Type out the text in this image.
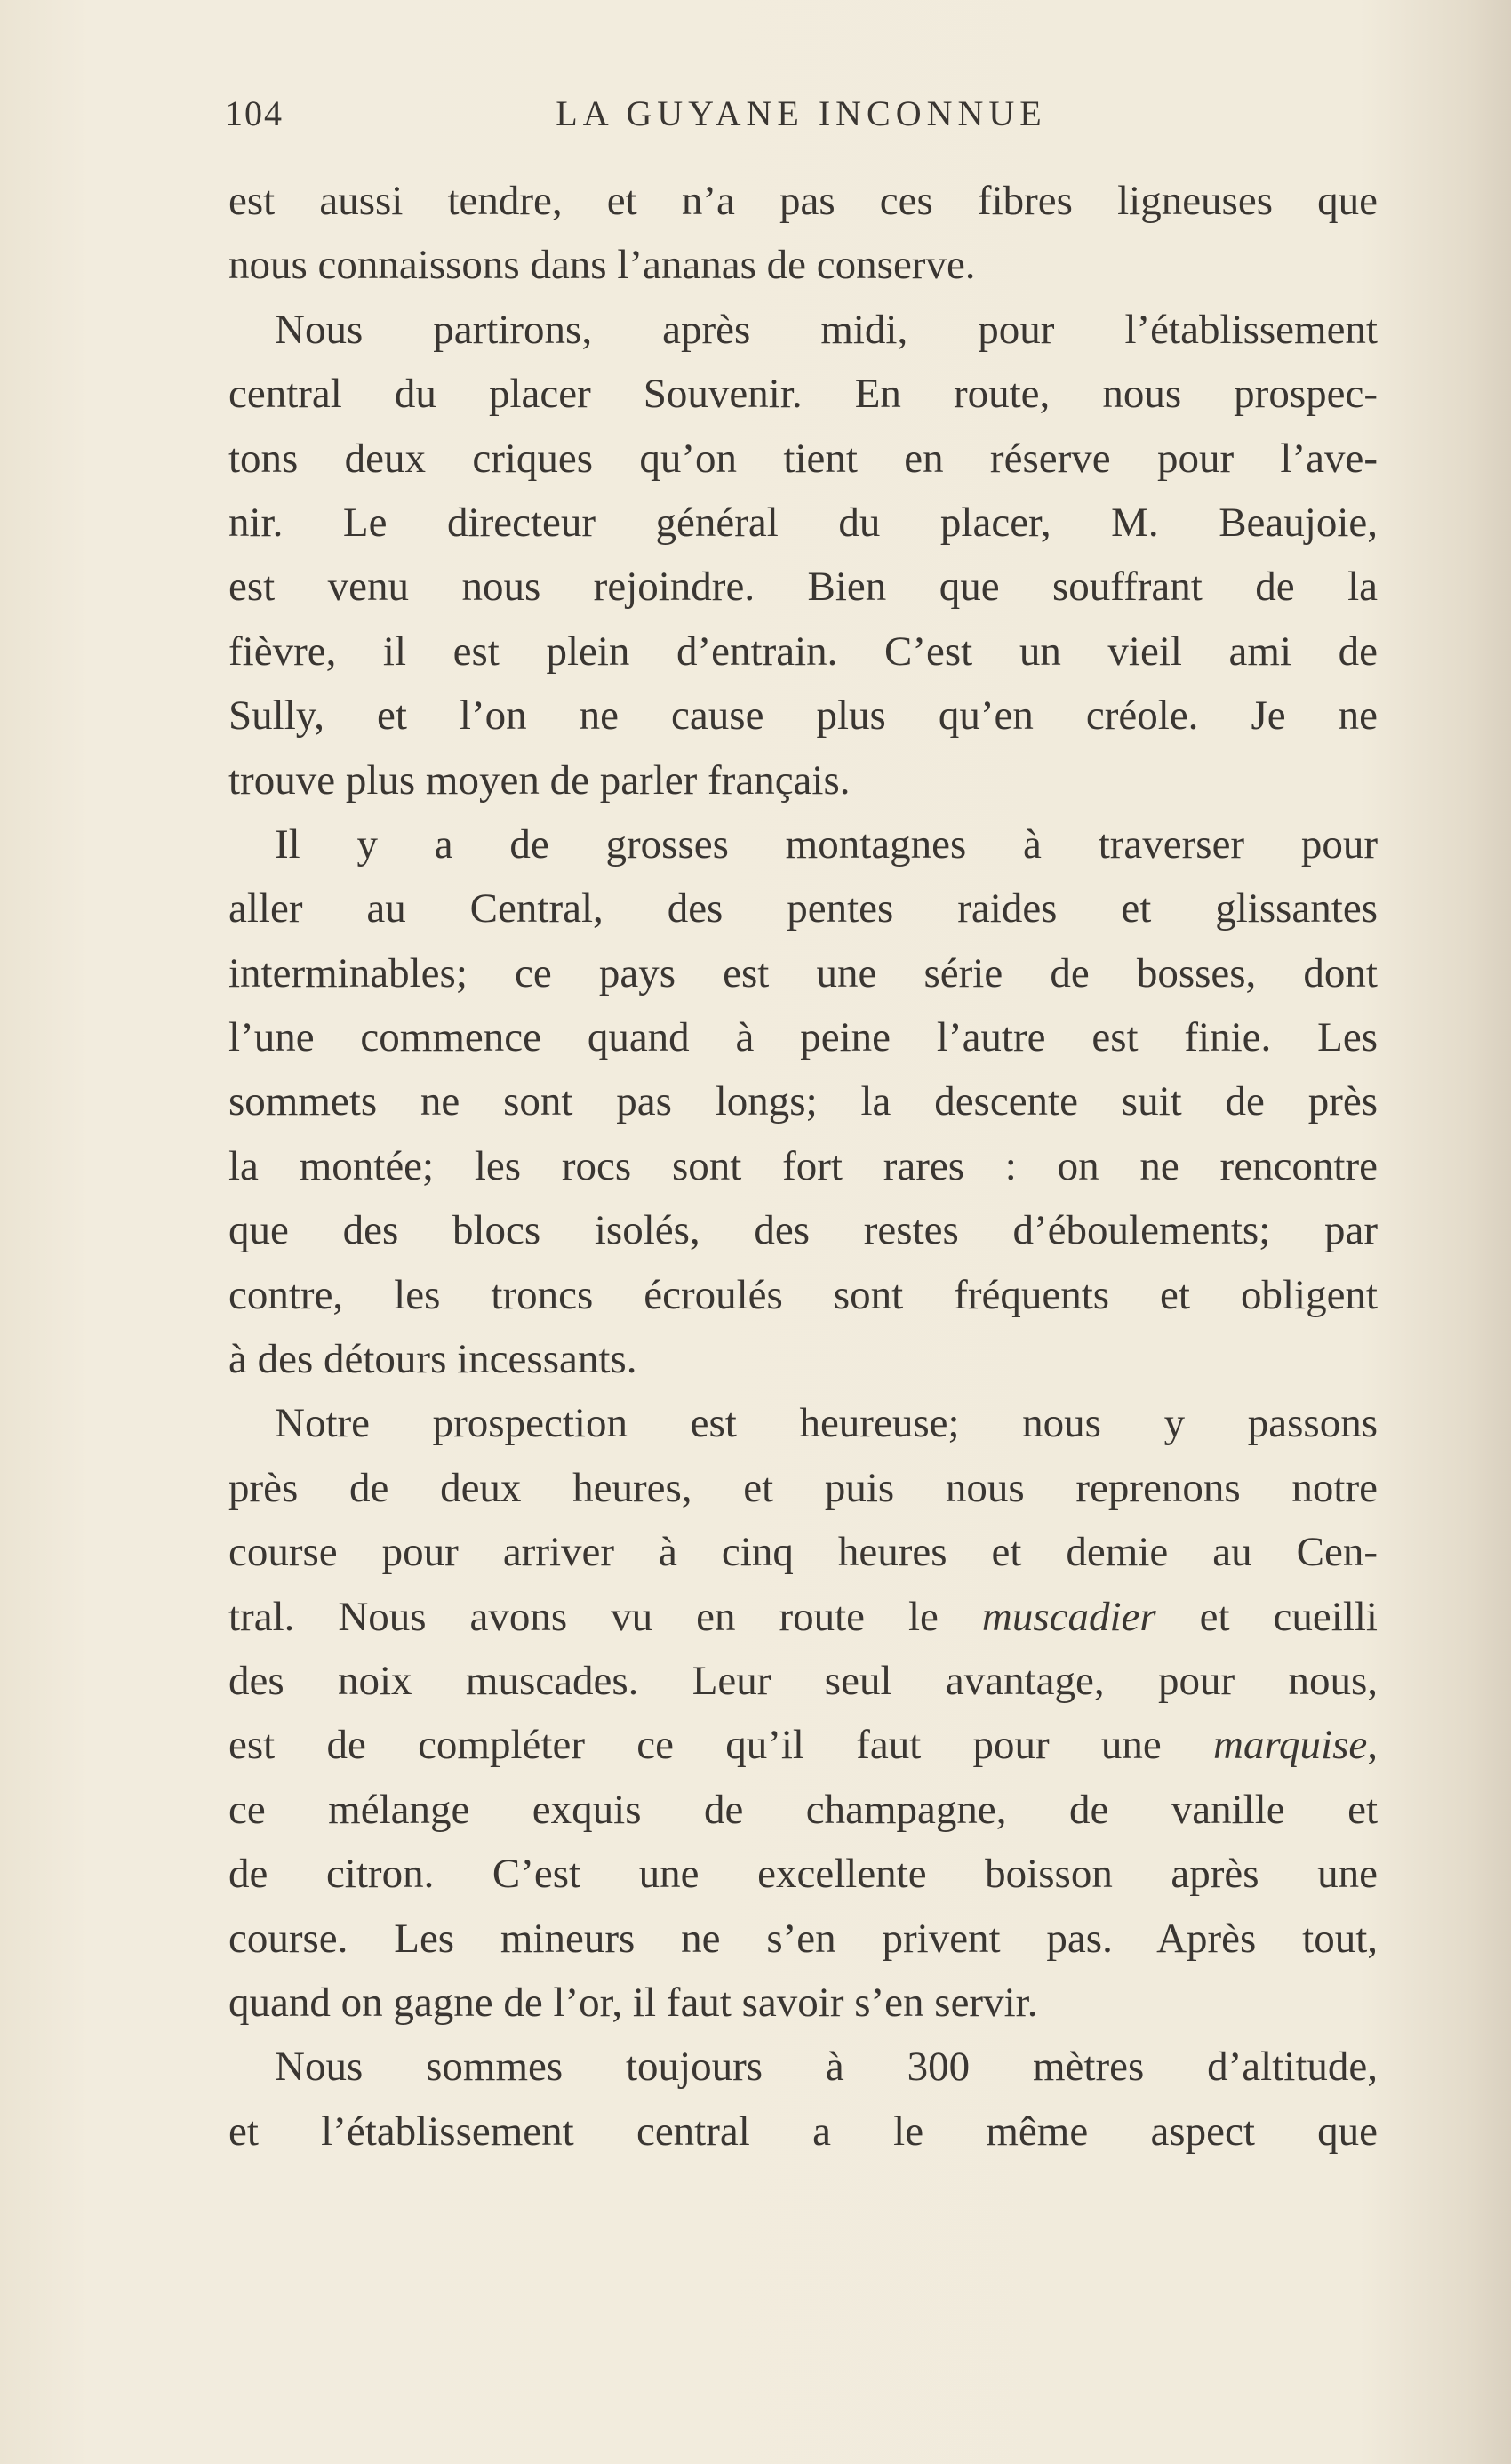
104	LA GUYANE INCONNUE
est aussi tendre, et n’a pas ces fibres ligneuses que
nous connaissons dans l’ananas de conserve.
Nous partirons, après midi, pour l’établissement
central du placer Souvenir. En route, nous prospec-
tons deux criques qu’on tient en réserve pour l’ave-
nir. Le directeur général du placer, M. Beaujoie,
est venu nous rejoindre. Bien que souffrant de la
fièvre, il est plein d’entrain. C’est un vieil ami de
Sully, et l’on ne cause plus qu’en créole. Je ne
trouve plus moyen de parler français.
Il y a de grosses montagnes à traverser pour
aller au Central, des pentes raides et glissantes
interminables; ce pays est une série de bosses, dont
l’une commence quand à peine l’autre est finie. Les
sommets ne sont pas longs; la descente suit de près
la montée; les rocs sont fort rares : on ne rencontre
que des blocs isolés, des restes d’éboulements; par
contre, les troncs écroulés sont fréquents et obligent
à des détours incessants.
Notre prospection est heureuse; nous y passons
près de deux heures, et puis nous reprenons notre
course pour arriver à cinq heures et demie au Cen-
tral. Nous avons vu en route le muscadier et cueilli
des noix muscades. Leur seul avantage, pour nous,
est de compléter ce qu’il faut pour une marquise,
ce mélange exquis de champagne, de vanille et
de citron. C’est une excellente boisson après une
course. Les mineurs ne s’en privent pas. Après tout,
quand on gagne de l’or, il faut savoir s’en servir.
Nous sommes toujours à 300 mètres d’altitude,
et l’établissement central a le même aspect que
